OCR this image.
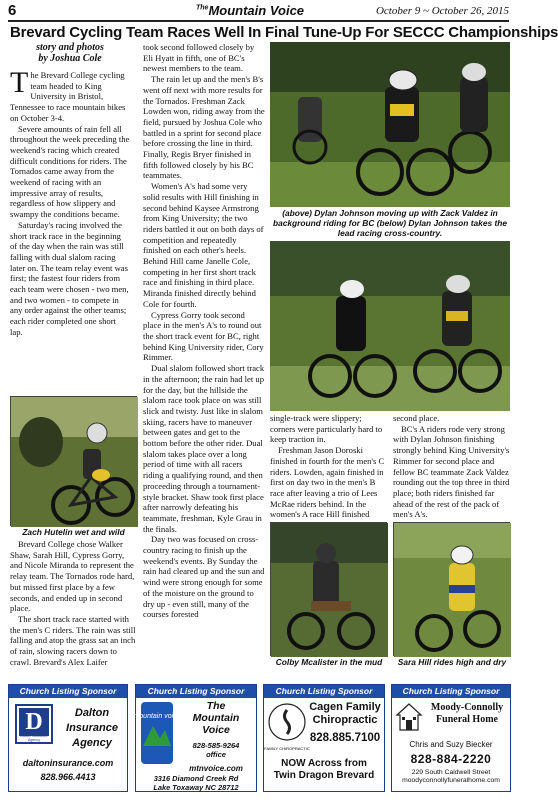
6	$^{The}$Mountain Voice	October 9 ~ October 26, 2015
Brevard Cycling Team Races Well In Final Tune-Up For SECCC Championships
story and photos
by Joshua Cole

The Brevard College cycling team headed to King University in Bristol, Tennessee to race mountain bikes on October 3-4.

Severe amounts of rain fell all throughout the week preceding the weekend's racing which created difficult conditions for riders. The Tornados came away from the weekend of racing with an impressive array of results, regardless of how slippery and swampy the conditions became.

Saturday's racing involved the short track race in the beginning of the day when the rain was still falling with dual slalom racing later on. The team relay event was first; the fastest four riders from each team were chosen - two men, and two women - to compete in any order against the other teams; each rider completed one short lap.

Zach Hutelin wet and wild

Brevard College chose Walker Shaw, Sarah Hill, Cypress Gorry, and Nicole Miranda to represent the relay team. The Tornados rode hard, but missed first place by a few seconds, and ended up in second place.

The short track race started with the men's C riders. The rain was still falling and atop the grass sat an inch of rain, slowing racers down to crawl. Brevard's Alex Laifer

took second followed closely by Eli Hyatt in fifth, one of BC's newest members to the team.

The rain let up and the men's B's went off next with more results for the Tornados. Freshman Zack Lowden won, riding away from the field, pursued by Joshua Cole who battled in a sprint for second place before crossing the line in third. Finally, Regis Bryer finished in fifth followed closely by his BC teammates.

Women's A's had some very solid results with Hill finishing in second behind Kaysee Armstrong from King University; the two riders battled it out on both days of competition and repeatedly finished on each other's heels. Behind Hill came Janelle Cole, competing in her first short track race and finishing in third place. Miranda finished directly behind Cole for fourth.

Cypress Gorry took second place in the men's A's to round out the short track event for BC, right behind King University rider, Cory Rimmer.

Dual slalom followed short track in the afternoon; the rain had let up for the day, but the hillside the slalom race took place on was still slick and twisty. Just like in slalom skiing, racers have to maneuver between gates and get to the bottom before the other rider. Dual slalom takes place over a long period of time with all racers riding a qualifying round, and then proceeding through a tournament-style bracket. Shaw took first place after narrowly defeating his teammate, freshman, Kyle Grau in the finals.

Day two was focused on cross-country racing to finish up the weekend's events. By Sunday the rain had cleared up and the sun and wind were strong enough for some of the moisture on the ground to dry up - even still, many of the courses forested

(above) Dylan Johnson moving up with Zack Valdez in background riding for BC (below) Dylan Johnson takes the lead racing cross-country.

single-track were slippery; corners were particularly hard to keep traction in.

Freshman Jason Doroski finished in fourth for the men's C riders. Lowden, again finished in first on day two in the men's B race after leaving a trio of Lees McRae riders behind. In the women's A race Hill finished

second place.

BC's A riders rode very strong with Dylan Johnson finishing strongly behind King University's Rimmer for second place and fellow BC teammate Zack Valdez rounding out the top three in third place; both riders finished far ahead of the rest of the pack of men's A's.

Colby Mcalister in the mud	Sara Hill rides high and dry
Church Listing Sponsor
D
Dalton Insurance Agency
Dalton
Insurance
Agency
daltoninsurance.com
828.966.4413
Church Listing Sponsor
mountain voice
The
Mountain
Voice
828-585-9264
office
mtnvoice.com
3316 Diamond Creek Rd
Lake Toxaway NC 28712
Church Listing Sponsor
FAMILY CHIROPRACTIC
Cagen Family
Chiropractic
828.885.7100
NOW Across from
Twin Dragon Brevard
Church Listing Sponsor
Moody-Connolly
Funeral Home
Chris and Suzy Biecker
828-884-2220
229 South Caldwell Street
moodyconnollyfuneralhome.com
